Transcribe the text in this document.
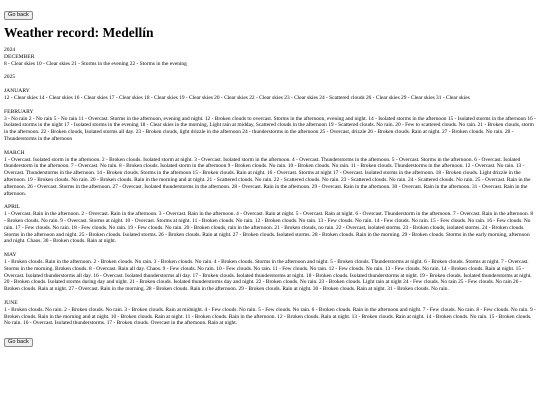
Go back
Weather record: Medellín
2024
DECEMBER
8 - Clear skies 10 - Clear skies 21 - Storms in the evening 22 - Storms in the evening
2025
JANUARY
12 - Clear skies 14 - Clear skies 16 - Clear skies 17 - Clear skies 18 - Clear skies 19 - Clear skies 20 - Clear skies 22 - Clear skies 23 - Clear skies 24 - Scattered clouds 26 - Clear skies 29 - Clear skies 31 - Clear skies
FEBRUARY
3 - No rain 2 - No rain 5 - No rain 11 - Overcast. Storms in the afternoon, evening and night. 12 - Broken clouds to overcast. Storms in the afternoon, evening and night. 14 - Isolated storms in the afternoon 15 - Isolated storms in the afternoon 16 - Isolated storms in the night 17 - Isolated storms in the evening 18 - Clear skies in the morning, Light rain at midday, Scattered clouds in the afternoon 19 - Scattered clouds. No rain. 20 - Few to scattered clouds. No rain. 21 - Broken clouds, storm in the afternoon. 22 - Broken clouds, Isolated storms all day. 23 - Broken clouds, light drizzle in the afternoon 24 - thunderstorms in the afternoon 25 - Overcast, drizzle 26 - Broken clouds. Rain at night. 27 - Broken clouds. No rain. 28 - Thunderstorms in the afternoon
MARCH
1 - Overcast. Isolated storm in the afternoon. 2 - Broken clouds. Isolated storm at night. 3 - Overcast. Isolated storm in the afternoon. 4 - Overcast. Thunderstorms in the afternoon. 5 - Overcast. Storms in the afternoon. 6 - Overcast. Isolated thunderstorm in the afternoon. 7 - Overcast. No rain. 8 - Broken clouds. Isolated storm in the afternoon 9 - Broken clouds. No rain. 10 - Broken clouds. No rain. 11 - Broken clouds. Thunderstorms in the afternoon. 12 - Overcast. No rain. 13 - Overcast. Thunderstorms in the afternoon. 14 - Broken clouds. Storms in the afternoon 15 - Broken clouds. Rain at night. 16 - Overcast. Storms at night 17 - Overcast. Isolated storms in the afternoon. 18 - Broken clouds. Light drizzle in the afternoon. 19 - Broken clouds. No rain. 20 - Broken clouds. Rain in the morning and at night. 21 - Scattered clouds. No rain. 22 - Scattered clouds. No rain. 23 - Scattered clouds. No rain. 24 - Scattered clouds. No rain. 25 - Overcast. Rain in the afternoon. 26 - Overcast. Storms in the afternoon. 27 - Overcast. Isolated thunderstorms in the afternoon. 28 - Overcast. Rain in the afternoon. 29 - Overcast. Rain in the afternoon. 30 - Overcast. Rain in the afternoon. 31 - Overcast. Rain in the afternoon.
APRIL
1 - Overcast. Rain in the afternoon. 2 - Overcast. Rain in the afternoon. 3 - Overcast. Rain in the afternoon. 4 - Overcast. Rain at night. 5 - Overcast. Rain at night. 6 - Overcast. Thunderstorm in the afternoon. 7 - Overcast. Rain in the afternoon. 8 - Broken clouds. No rain. 9 - Overcast. Storms at night. 10 - Overcast. Storms at night. 11 - Broken clouds. No rain. 12 - Broken clouds. No rain. 13 - Few clouds. No rain. 14 - Few clouds. No rain. 15 - Few clouds. No rain. 16 - Few clouds. No rain. 17 - Few clouds. No rain. 18 - Few clouds. No rain. 19 - Few clouds. No rain. 20 - Broken clouds, rain in the afternoon. 21 - Broken clouds, no rain. 22 - Overcast, isolated storms. 23 - Broken clouds, isolated storms. 24 - Broken clouds. Storms in the afternoon and night. 25 - Broken clouds. Isolated storms. 26 - Broken clouds. Rain at night. 27 - Broken clouds. Isolated storms. 28 - Broken clouds. Rain in the morning. 29 - Broken clouds. Storms in the early morning, afternoon and night. Chaos. 30 - Broken clouds. Rain at night.
MAY
1 - Broken clouds. Rain in the afternoon. 2 - Broken clouds. No rain. 3 - Broken clouds. No rain. 4 - Broken clouds. Storms in the afternoon and night. 5 - Broken clouds. Thunderstorms at night. 6 - Broken clouds. Storms at night. 7 - Overcast. Storms in the morning. Broken clouds. 8 - Overcast. Rain all day. Chaos. 9 - Few clouds. No rain. 10 - Few clouds. No rain. 11 - Few clouds. No rain. 12 - Few clouds. No rain. 13 - Few clouds. No rain. 14 - Broken clouds. Rain at night. 15 - Overcast. Isolated thunderstorms all day. 16 - Overcast. Isolated thunderstorms all day. 17 - Broken clouds. Isolated thunderstorms at night. 18 - Broken clouds. Isolated thunderstorms at night. 19 - Broken clouds. Isolated thunderstorms at night. 20 - Broken clouds. Isolated storms during day and night. 21 - Broken clouds. Isolated thunderstorms day and night. 22 - Broken clouds. No rain. 23 - Broken clouds. Light rain at night 24 - Few clouds. No rain 25 - Few clouds. No rain 26 - Broken clouds. Rain at night. 27 - Overcast. Rain in the morning. 28 - Broken clouds. Rain in the afternoon. 29 - Broken clouds. Rain at night. 30 - Broken clouds. Rain at night. 31 - Broken clouds. No rain.
JUNE
1 - Broken clouds. No rain. 2 - Broken clouds. No rain. 3 - Broken clouds. Rain at midnight. 4 - Few clouds. No rain. 5 - Few clouds. No rain. 6 - Broken clouds. Rain in the afternoon and night. 7 - Few clouds. No rain. 8 - Few clouds. No rain. 9 - Broken clouds. Rain in the morning and at night. 10 - Broken clouds. Rain at night. 11 - Broken clouds. Rain in the afternoon. 12 - Broken clouds. Rain at night. 13 - Broken clouds. Rain at night. 14 - Broken clouds. No rain. 15 - Broken clouds. No rain. 16 - Overcast. Isolated thunderstorms. 17 - Broken clouds. Overcast in the afternoon. Rain at night.
Go back
